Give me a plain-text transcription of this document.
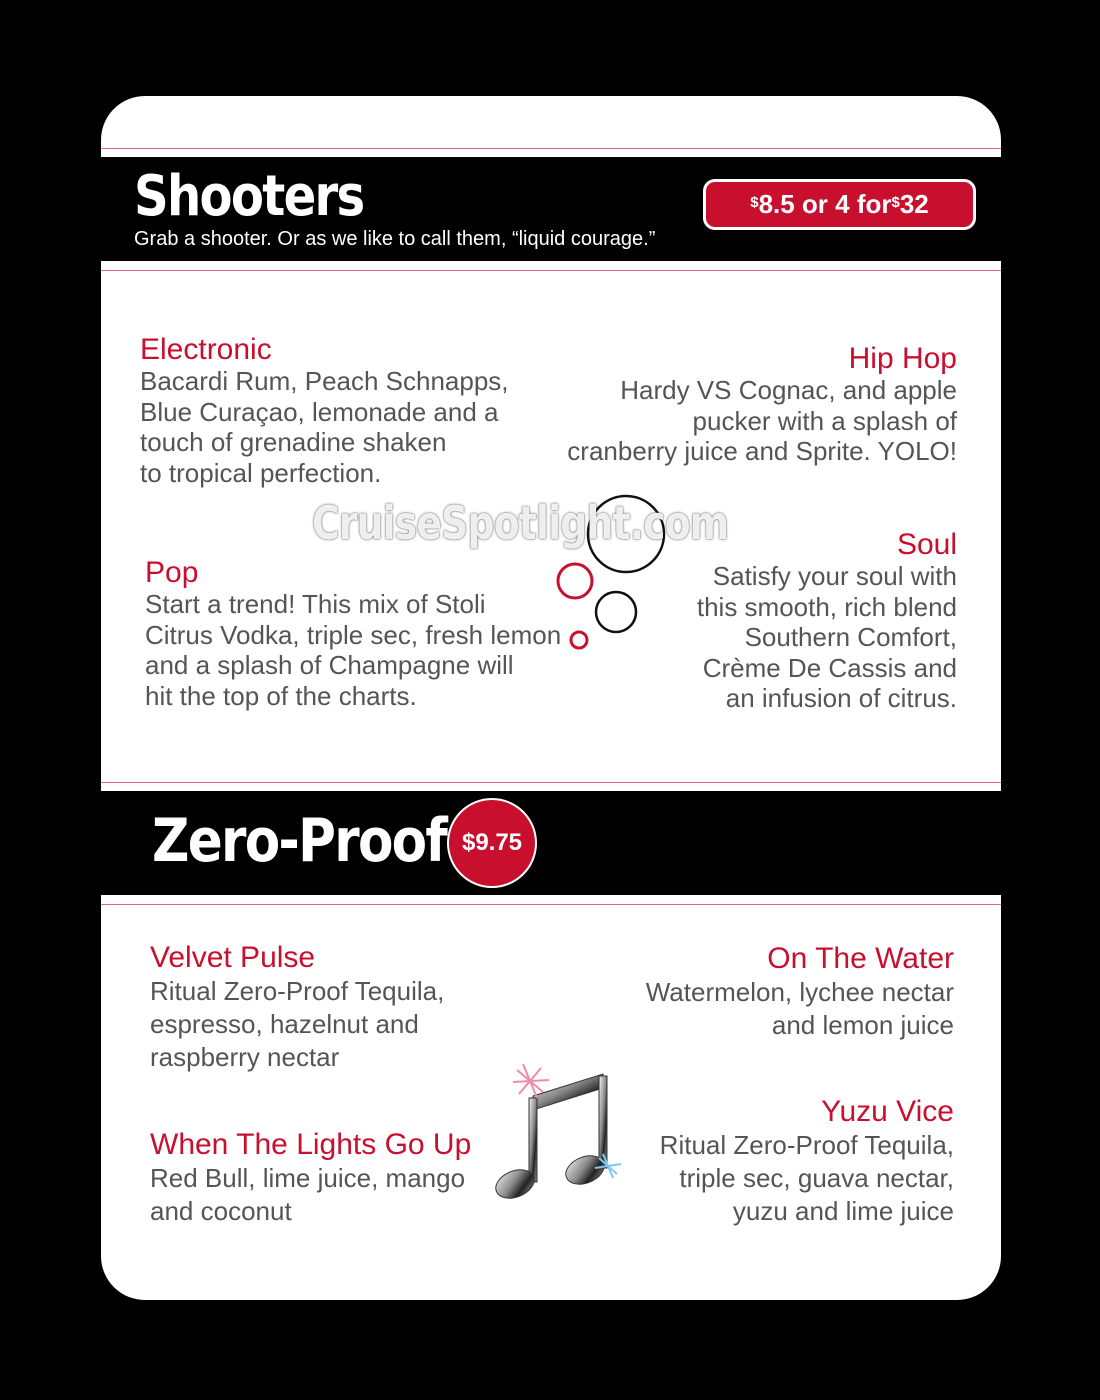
Shooters
Grab a shooter. Or as we like to call them, “liquid courage.”
$ 8.5 or 4 for $ 32
Electronic
Bacardi Rum, Peach Schnapps,
Blue Curaçao, lemonade and a
touch of grenadine shaken
to tropical perfection.
Hip Hop
Hardy VS Cognac, and apple
pucker with a splash of
cranberry juice and Sprite. YOLO!
Pop
Start a trend! This mix of Stoli
Citrus Vodka, triple sec, fresh lemon
and a splash of Champagne will
hit the top of the charts.
Soul
Satisfy your soul with
this smooth, rich blend
Southern Comfort,
Crème De Cassis and
an infusion of citrus.
Zero-Proof $9.75
Velvet Pulse
Ritual Zero-Proof Tequila,
espresso, hazelnut and
raspberry nectar
On The Water
Watermelon, lychee nectar
and lemon juice
When The Lights Go Up
Red Bull, lime juice, mango
and coconut
Yuzu Vice
Ritual Zero-Proof Tequila,
triple sec, guava nectar,
yuzu and lime juice
CruiseSpotlight.com
